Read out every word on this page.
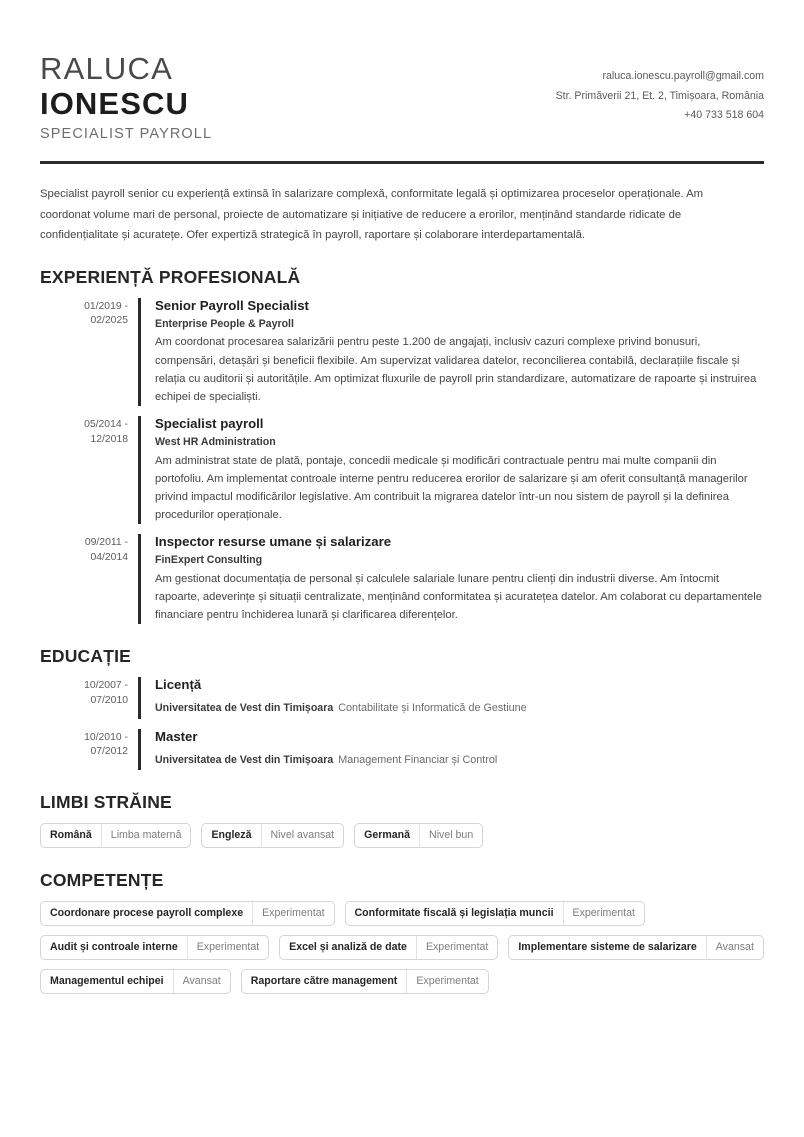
RALUCA
IONESCU
SPECIALIST PAYROLL
raluca.ionescu.payroll@gmail.com
Str. Primăverii 21, Et. 2, Timișoara, România
+40 733 518 604
Specialist payroll senior cu experiență extinsă în salarizare complexă, conformitate legală și optimizarea proceselor operaționale. Am coordonat volume mari de personal, proiecte de automatizare și inițiative de reducere a erorilor, menținând standarde ridicate de confidențialitate și acuratețe. Ofer expertiză strategică în payroll, raportare și colaborare interdepartamentală.
EXPERIENȚĂ PROFESIONALĂ
01/2019 -
02/2025
Senior Payroll Specialist
Enterprise People & Payroll
Am coordonat procesarea salarizării pentru peste 1.200 de angajați, inclusiv cazuri complexe privind bonusuri, compensări, detașări și beneficii flexibile. Am supervizat validarea datelor, reconcilierea contabilă, declarațiile fiscale și relația cu auditorii și autoritățile. Am optimizat fluxurile de payroll prin standardizare, automatizare de rapoarte și instruirea echipei de specialiști.
05/2014 -
12/2018
Specialist payroll
West HR Administration
Am administrat state de plată, pontaje, concedii medicale și modificări contractuale pentru mai multe companii din portofoliu. Am implementat controale interne pentru reducerea erorilor de salarizare și am oferit consultanță managerilor privind impactul modificărilor legislative. Am contribuit la migrarea datelor într-un nou sistem de payroll și la definirea procedurilor operaționale.
09/2011 -
04/2014
Inspector resurse umane și salarizare
FinExpert Consulting
Am gestionat documentația de personal și calculele salariale lunare pentru clienți din industrii diverse. Am întocmit rapoarte, adeverințe și situații centralizate, menținând conformitatea și acuratețea datelor. Am colaborat cu departamentele financiare pentru închiderea lunară și clarificarea diferențelor.
EDUCAȚIE
10/2007 -
07/2010
Licență
Universitatea de Vest din Timișoara Contabilitate și Informatică de Gestiune
10/2010 -
07/2012
Master
Universitatea de Vest din Timișoara Management Financiar și Control
LIMBI STRĂINE
Română	Limba maternă	Engleză	Nivel avansat	Germană	Nivel bun
COMPETENȚE
Coordonare procese payroll complexe	Experimentat	Conformitate fiscală și legislația muncii	Experimentat
Audit și controale interne	Experimentat	Excel și analiză de date	Experimentat	Implementare sisteme de salarizare	Avansat
Managementul echipei	Avansat	Raportare către management	Experimentat
